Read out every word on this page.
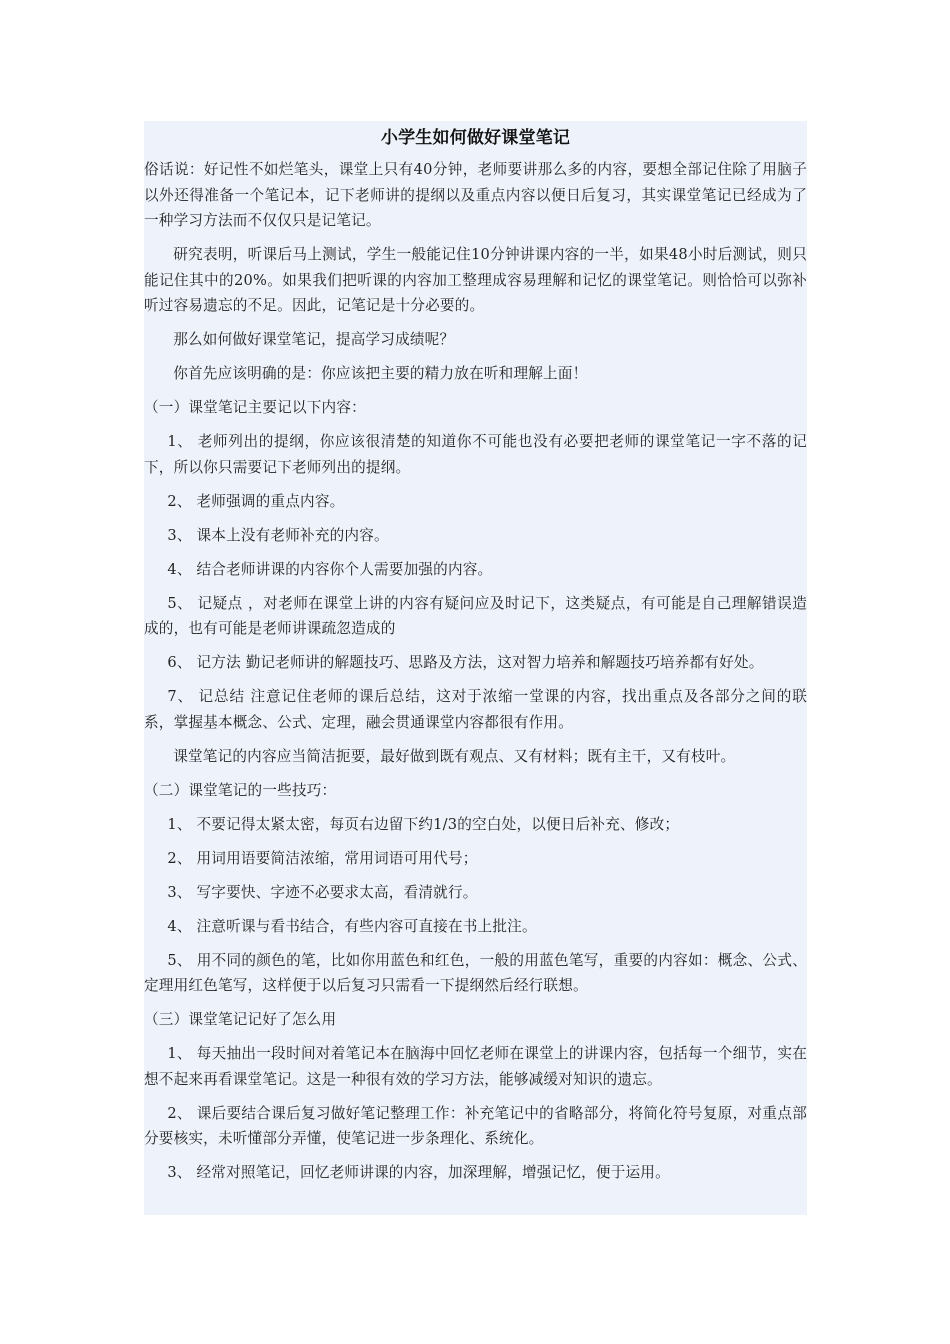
小学生如何做好课堂笔记

俗话说：好记性不如烂笔头，课堂上只有40分钟，老师要讲那么多的内容，要想全部记住除了用脑子以外还得准备一个笔记本，记下老师讲的提纲以及重点内容以便日后复习，其实课堂笔记已经成为了一种学习方法而不仅仅只是记笔记。

研究表明，听课后马上测试，学生一般能记住10分钟讲课内容的一半，如果48小时后测试，则只能记住其中的20%。如果我们把听课的内容加工整理成容易理解和记忆的课堂笔记。则恰恰可以弥补听过容易遗忘的不足。因此，记笔记是十分必要的。

那么如何做好课堂笔记，提高学习成绩呢？

你首先应该明确的是：你应该把主要的精力放在听和理解上面！

（一）课堂笔记主要记以下内容：

1、 老师列出的提纲，你应该很清楚的知道你不可能也没有必要把老师的课堂笔记一字不落的记下，所以你只需要记下老师列出的提纲。

2、 老师强调的重点内容。

3、 课本上没有老师补充的内容。

4、 结合老师讲课的内容你个人需要加强的内容。

5、 记疑点 ，对老师在课堂上讲的内容有疑问应及时记下，这类疑点，有可能是自己理解错误造成的，也有可能是老师讲课疏忽造成的

6、 记方法 勤记老师讲的解题技巧、思路及方法，这对智力培养和解题技巧培养都有好处。

7、 记总结 注意记住老师的课后总结，这对于浓缩一堂课的内容，找出重点及各部分之间的联系，掌握基本概念、公式、定理，融会贯通课堂内容都很有作用。

课堂笔记的内容应当简洁扼要，最好做到既有观点、又有材料；既有主干，又有枝叶。

（二）课堂笔记的一些技巧：

1、 不要记得太紧太密，每页右边留下约1/3的空白处，以便日后补充、修改；

2、 用词用语要简洁浓缩，常用词语可用代号；

3、 写字要快、字迹不必要求太高，看清就行。

4、 注意听课与看书结合，有些内容可直接在书上批注。

5、 用不同的颜色的笔，比如你用蓝色和红色，一般的用蓝色笔写，重要的内容如：概念、公式、定理用红色笔写，这样便于以后复习只需看一下提纲然后经行联想。

（三）课堂笔记记好了怎么用

1、 每天抽出一段时间对着笔记本在脑海中回忆老师在课堂上的讲课内容，包括每一个细节，实在想不起来再看课堂笔记。这是一种很有效的学习方法，能够减缓对知识的遗忘。

2、 课后要结合课后复习做好笔记整理工作：补充笔记中的省略部分，将简化符号复原，对重点部分要核实，未听懂部分弄懂，使笔记进一步条理化、系统化。

3、 经常对照笔记，回忆老师讲课的内容，加深理解，增强记忆，便于运用。
